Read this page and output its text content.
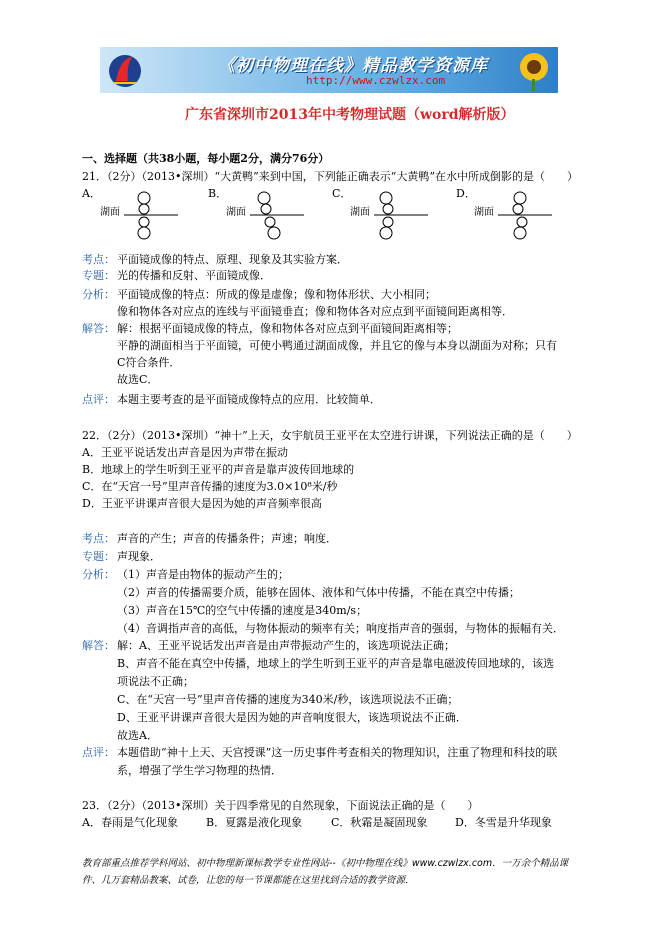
《初中物理在线》精品教学资源库
http://www.czwlzx.com
广东省深圳市2013年中考物理试题（word解析版）
一、选择题（共38小题，每小题2分，满分76分）
21．（2分）（2013•深圳）“大黄鸭”来到中国，下列能正确表示“大黄鸭”在水中所成倒影的是（　　）
A．	B．	C．	D．
湖面	湖面	湖面	湖面
考点： 平面镜成像的特点、原理、现象及其实验方案．
专题： 光的传播和反射、平面镜成像．
分析： 平面镜成像的特点：所成的像是虚像；像和物体形状、大小相同；
像和物体各对应点的连线与平面镜垂直；像和物体各对应点到平面镜间距离相等．
解答： 解：根据平面镜成像的特点，像和物体各对应点到平面镜间距离相等；
平静的湖面相当于平面镜，可使小鸭通过湖面成像，并且它的像与本身以湖面为对称；只有
C符合条件．
故选C．
点评： 本题主要考查的是平面镜成像特点的应用．比较简单．
22．（2分）（2013•深圳）“神十”上天，女宇航员王亚平在太空进行讲课，下列说法正确的是（　　）
A．王亚平说话发出声音是因为声带在振动
B．地球上的学生听到王亚平的声音是靠声波传回地球的
C．在“天宫一号”里声音传播的速度为3.0×10⁸米/秒
D．王亚平讲课声音很大是因为她的声音频率很高
考点： 声音的产生；声音的传播条件；声速；响度．
专题： 声现象．
分析： （1）声音是由物体的振动产生的；
（2）声音的传播需要介质，能够在固体、液体和气体中传播，不能在真空中传播；
（3）声音在15℃的空气中传播的速度是340m/s；
（4）音调指声音的高低，与物体振动的频率有关；响度指声音的强弱，与物体的振幅有关．
解答： 解：A、王亚平说话发出声音是由声带振动产生的，该选项说法正确；
B、声音不能在真空中传播，地球上的学生听到王亚平的声音是靠电磁波传回地球的，该选
项说法不正确；
C、在“天宫一号”里声音传播的速度为340米/秒，该选项说法不正确；
D、王亚平讲课声音很大是因为她的声音响度很大，该选项说法不正确．
故选A．
点评： 本题借助“神十上天、天宫授课”这一历史事件考查相关的物理知识，注重了物理和科技的联
系，增强了学生学习物理的热情．
23．（2分）（2013•深圳）关于四季常见的自然现象，下面说法正确的是（　　）
A．春雨是气化现象	B．夏露是液化现象	C．秋霜是凝固现象	D．冬雪是升华现象
教育部重点推荐学科网站、初中物理新课标教学专业性网站--《初中物理在线》www.czwlzx.com．一万余个精品课
件、几万套精品教案、试卷，让您的每一节课都能在这里找到合适的教学资源．
